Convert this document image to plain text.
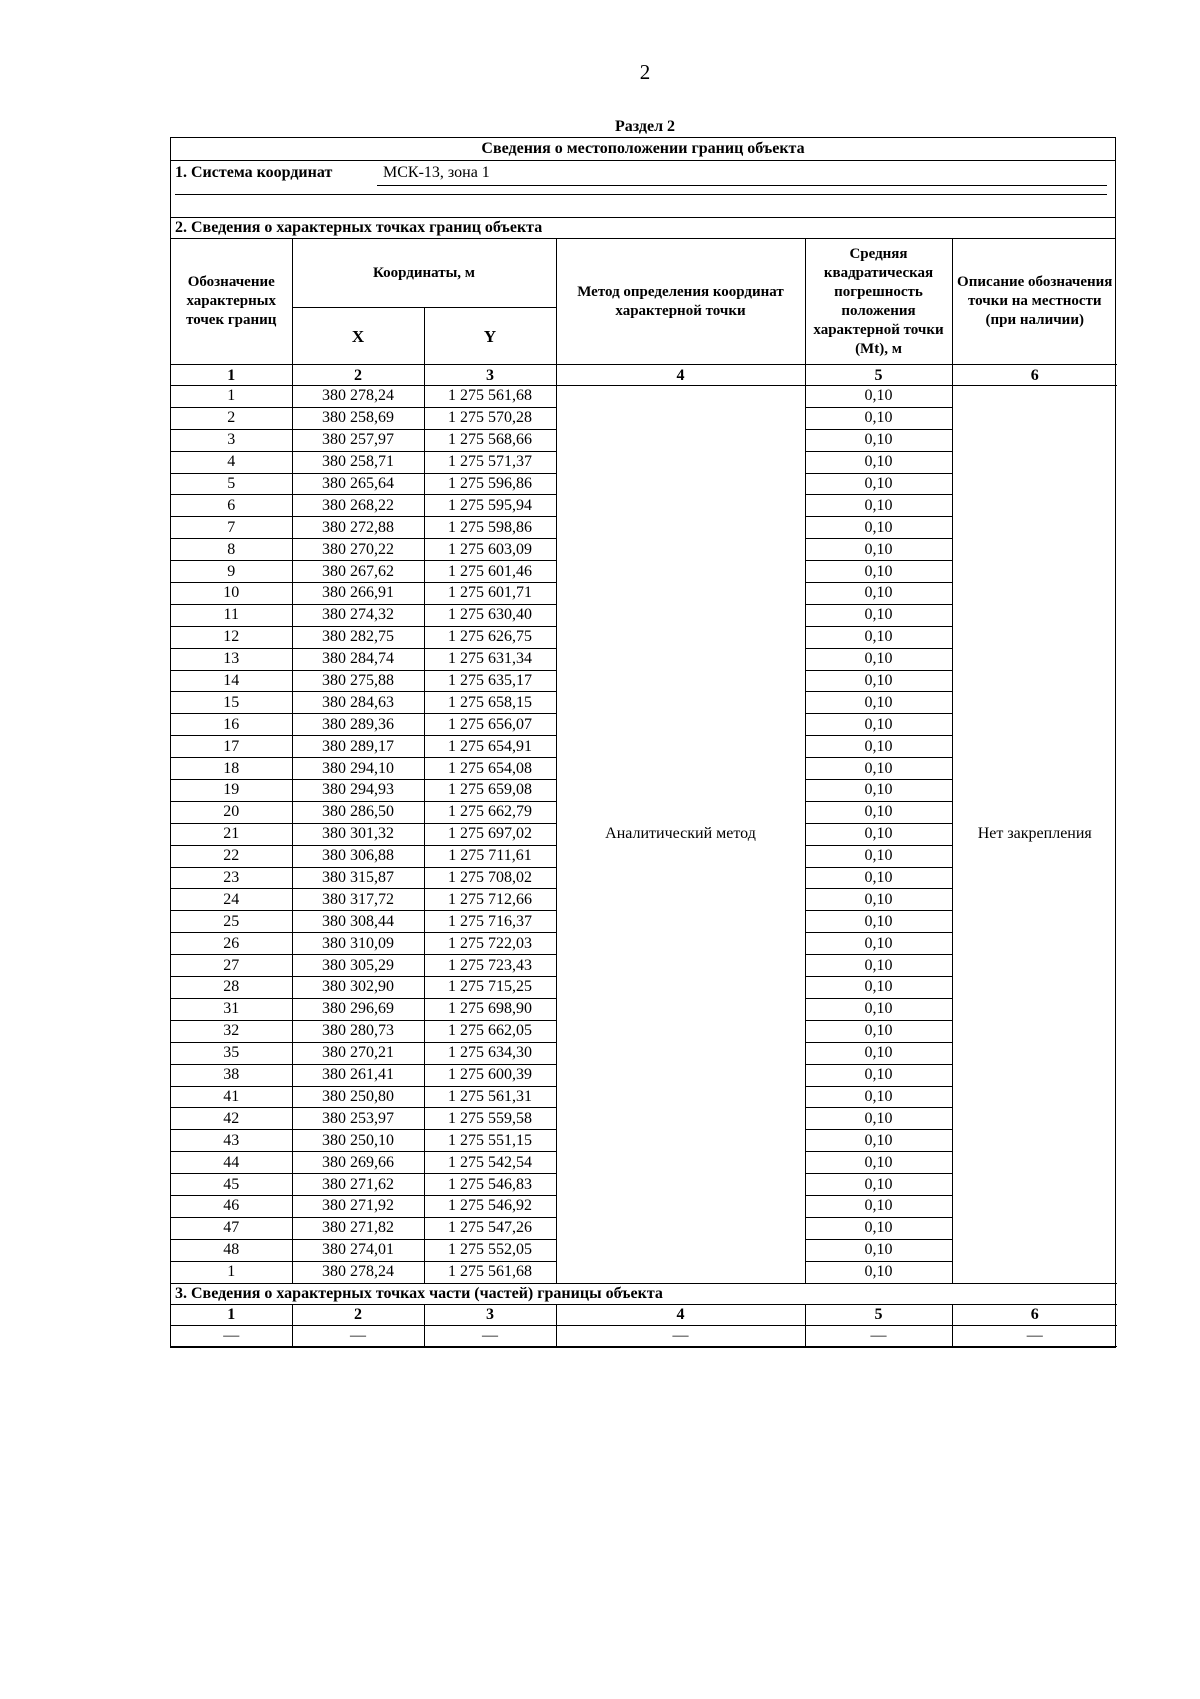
2
Раздел 2
Сведения о местоположении границ объекта
1. Система координат	МСК-13, зона 1
2. Сведения о характерных точках границ объекта
Обозначение характерных точек границ	Координаты, м		Метод определения координат характерной точки	Средняя квадратическая погрешность положения характерной точки (Mt), м	Описание обозначения точки на местности (при наличии)
	X	Y			
1	2	3	4	5	6
1	380 278,24	1 275 561,68	Аналитический метод	0,10	Нет закрепления
2	380 258,69	1 275 570,28		0,10	
3	380 257,97	1 275 568,66		0,10	
4	380 258,71	1 275 571,37		0,10	
5	380 265,64	1 275 596,86		0,10	
6	380 268,22	1 275 595,94		0,10	
7	380 272,88	1 275 598,86		0,10	
8	380 270,22	1 275 603,09		0,10	
9	380 267,62	1 275 601,46		0,10	
10	380 266,91	1 275 601,71		0,10	
11	380 274,32	1 275 630,40		0,10	
12	380 282,75	1 275 626,75		0,10	
13	380 284,74	1 275 631,34		0,10	
14	380 275,88	1 275 635,17		0,10	
15	380 284,63	1 275 658,15		0,10	
16	380 289,36	1 275 656,07		0,10	
17	380 289,17	1 275 654,91		0,10	
18	380 294,10	1 275 654,08		0,10	
19	380 294,93	1 275 659,08		0,10	
20	380 286,50	1 275 662,79		0,10	
21	380 301,32	1 275 697,02		0,10	
22	380 306,88	1 275 711,61		0,10	
23	380 315,87	1 275 708,02		0,10	
24	380 317,72	1 275 712,66		0,10	
25	380 308,44	1 275 716,37		0,10	
26	380 310,09	1 275 722,03		0,10	
27	380 305,29	1 275 723,43		0,10	
28	380 302,90	1 275 715,25		0,10	
31	380 296,69	1 275 698,90		0,10	
32	380 280,73	1 275 662,05		0,10	
35	380 270,21	1 275 634,30		0,10	
38	380 261,41	1 275 600,39		0,10	
41	380 250,80	1 275 561,31		0,10	
42	380 253,97	1 275 559,58		0,10	
43	380 250,10	1 275 551,15		0,10	
44	380 269,66	1 275 542,54		0,10	
45	380 271,62	1 275 546,83		0,10	
46	380 271,92	1 275 546,92		0,10	
47	380 271,82	1 275 547,26		0,10	
48	380 274,01	1 275 552,05		0,10	
1	380 278,24	1 275 561,68		0,10	
3. Сведения о характерных точках части (частей) границы объекта					
1	2	3	4	5	6
—	—	—	—	—	—
